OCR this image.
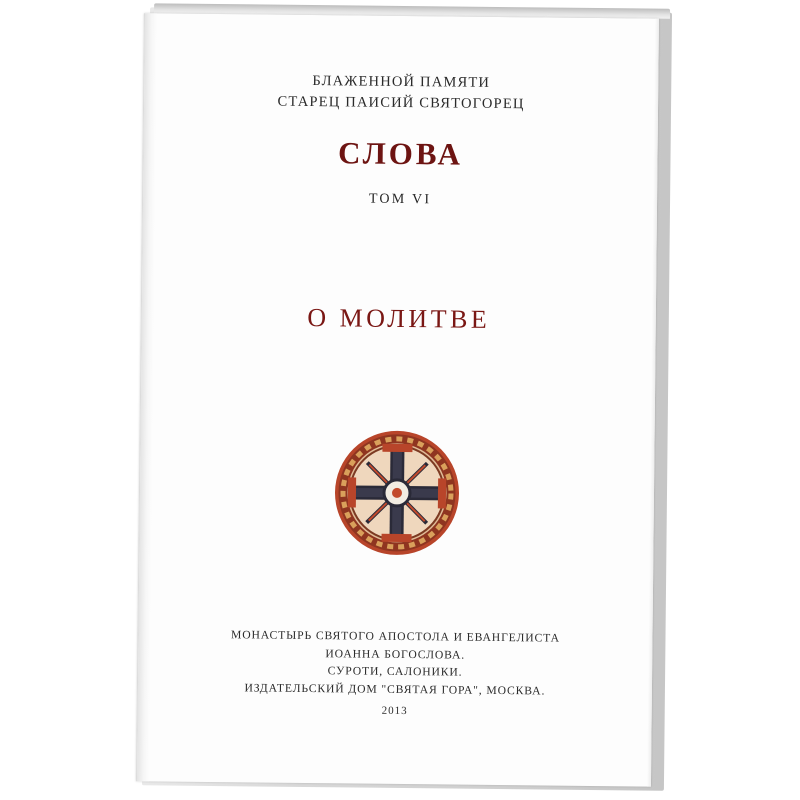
БЛАЖЕННОЙ ПАМЯТИ
СТАРЕЦ ПАИСИЙ СВЯТОГОРЕЦ
СЛОВА
ТОМ VI
О МОЛИТВЕ
МОНАСТЫРЬ СВЯТОГО АПОСТОЛА И ЕВАНГЕЛИСТА
ИОАННА БОГОСЛОВА.
СУРОТИ, САЛОНИКИ.
ИЗДАТЕЛЬСКИЙ ДОМ "СВЯТАЯ ГОРА", МОСКВА.
2013
